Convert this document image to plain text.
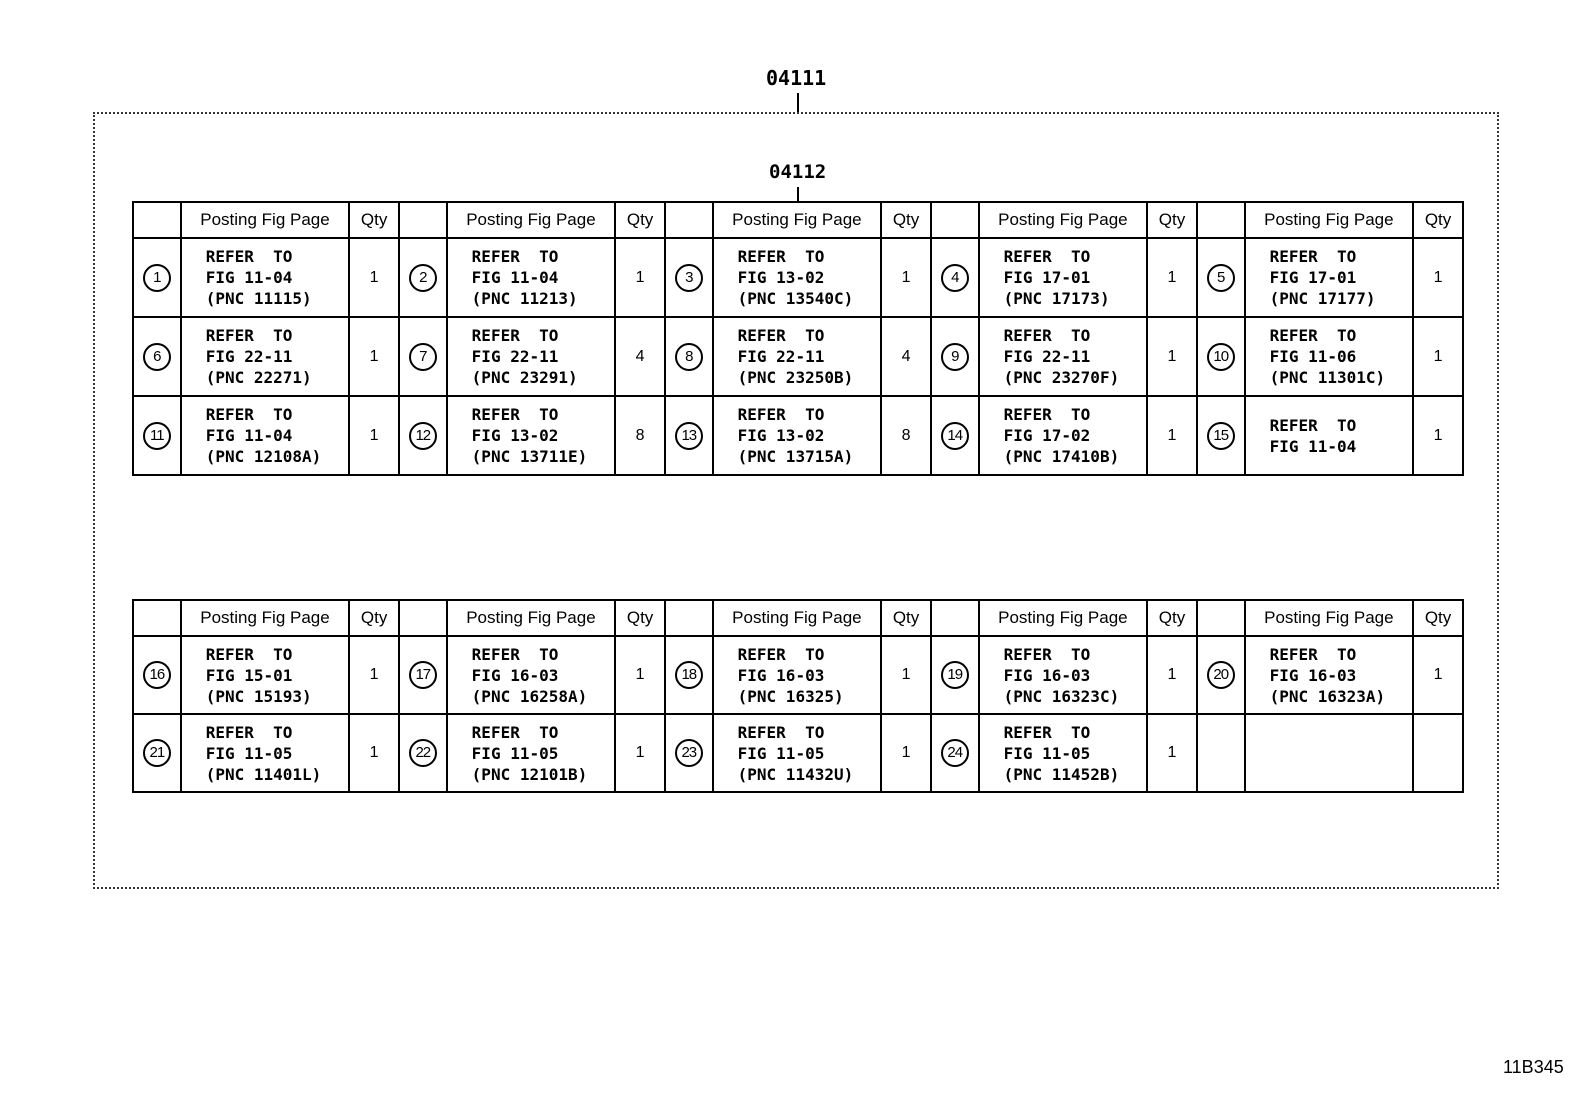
04111
04112
	Posting Fig Page	Qty		Posting Fig Page	Qty		Posting Fig Page	Qty		Posting Fig Page	Qty		Posting Fig Page	Qty
1	REFER  TO
FIG 11-04
(PNC 11115)	1	2	REFER  TO
FIG 11-04
(PNC 11213)	1	3	REFER  TO
FIG 13-02
(PNC 13540C)	1	4	REFER  TO
FIG 17-01
(PNC 17173)	1	5	REFER  TO
FIG 17-01
(PNC 17177)	1
6	REFER  TO
FIG 22-11
(PNC 22271)	1	7	REFER  TO
FIG 22-11
(PNC 23291)	4	8	REFER  TO
FIG 22-11
(PNC 23250B)	4	9	REFER  TO
FIG 22-11
(PNC 23270F)	1	10	REFER  TO
FIG 11-06
(PNC 11301C)	1
11	REFER  TO
FIG 11-04
(PNC 12108A)	1	12	REFER  TO
FIG 13-02
(PNC 13711E)	8	13	REFER  TO
FIG 13-02
(PNC 13715A)	8	14	REFER  TO
FIG 17-02
(PNC 17410B)	1	15	REFER  TO
FIG 11-04	1
	Posting Fig Page	Qty		Posting Fig Page	Qty		Posting Fig Page	Qty		Posting Fig Page	Qty		Posting Fig Page	Qty
16	REFER  TO
FIG 15-01
(PNC 15193)	1	17	REFER  TO
FIG 16-03
(PNC 16258A)	1	18	REFER  TO
FIG 16-03
(PNC 16325)	1	19	REFER  TO
FIG 16-03
(PNC 16323C)	1	20	REFER  TO
FIG 16-03
(PNC 16323A)	1
21	REFER  TO
FIG 11-05
(PNC 11401L)	1	22	REFER  TO
FIG 11-05
(PNC 12101B)	1	23	REFER  TO
FIG 11-05
(PNC 11432U)	1	24	REFER  TO
FIG 11-05
(PNC 11452B)	1			
11B345
